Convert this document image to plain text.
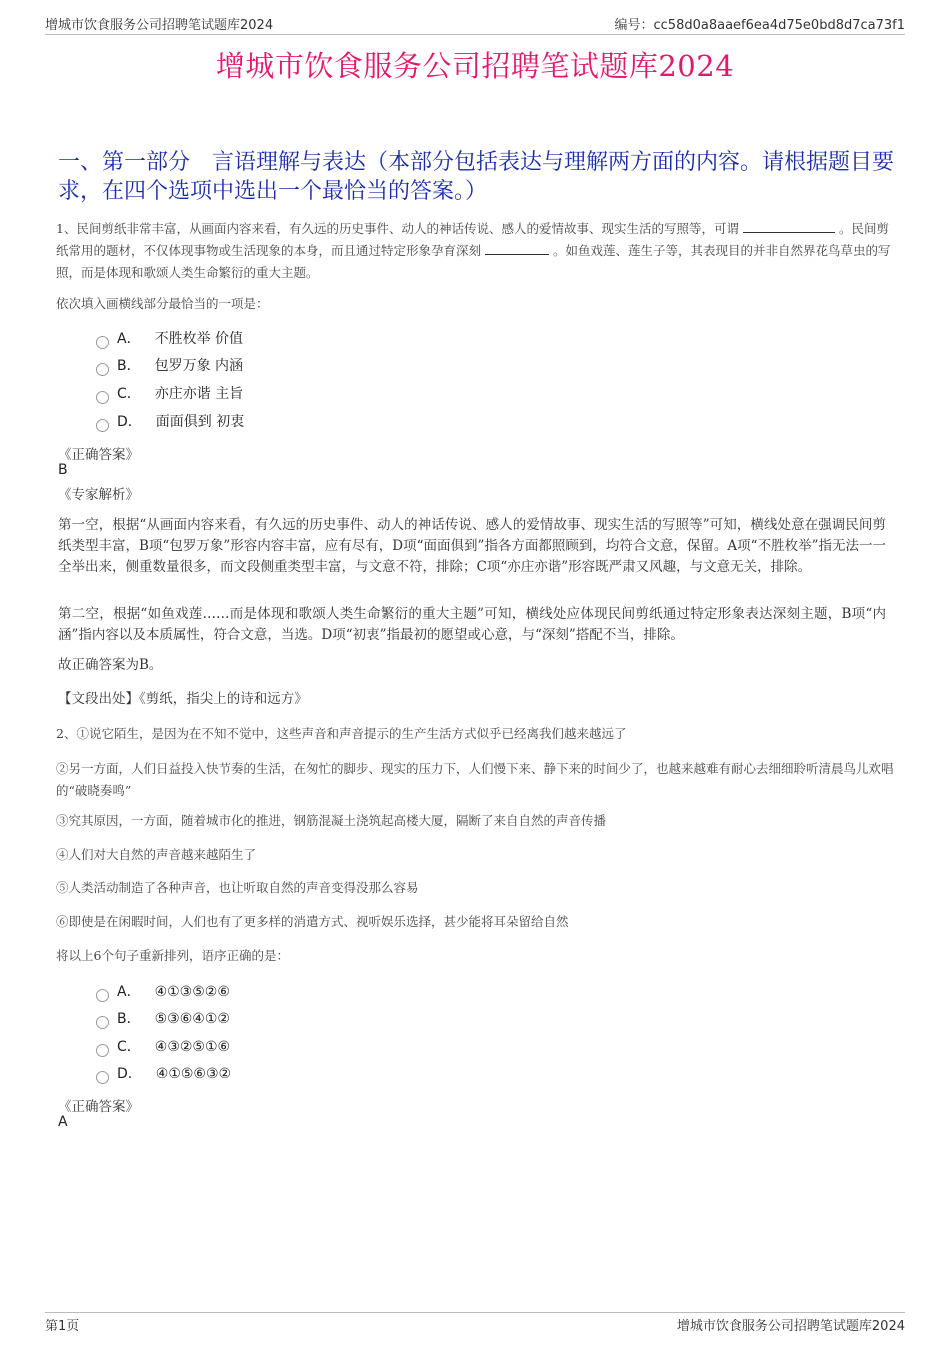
增城市饮食服务公司招聘笔试题库2024	编号：cc58d0a8aaef6ea4d75e0bd8d7ca73f1
增城市饮食服务公司招聘笔试题库2024
一、第一部分　言语理解与表达（本部分包括表达与理解两方面的内容。请根据题目要求，在四个选项中选出一个最恰当的答案。）
1、民间剪纸非常丰富，从画面内容来看，有久远的历史事件、动人的神话传说、感人的爱情故事、现实生活的写照等，可谓	。民间剪纸常用的题材，不仅体现事物或生活现象的本身，而且通过特定形象孕育深刻	。如鱼戏莲、莲生子等，其表现目的并非自然界花鸟草虫的写照，而是体现和歌颂人类生命繁衍的重大主题。
依次填入画横线部分最恰当的一项是：
A． 不胜枚举 价值
B． 包罗万象 内涵
C． 亦庄亦谐 主旨
D． 面面俱到 初衷
《正确答案》
B
《专家解析》
第一空，根据“从画面内容来看，有久远的历史事件、动人的神话传说、感人的爱情故事、现实生活的写照等”可知，横线处意在强调民间剪纸类型丰富，B项“包罗万象”形容内容丰富，应有尽有，D项“面面俱到”指各方面都照顾到，均符合文意，保留。A项“不胜枚举”指无法一一全举出来，侧重数量很多，而文段侧重类型丰富，与文意不符，排除；C项“亦庄亦谐”形容既严肃又风趣，与文意无关，排除。
第二空，根据“如鱼戏莲……而是体现和歌颂人类生命繁衍的重大主题”可知，横线处应体现民间剪纸通过特定形象表达深刻主题，B项“内涵”指内容以及本质属性，符合文意，当选。D项“初衷”指最初的愿望或心意，与“深刻”搭配不当，排除。
故正确答案为B。
【文段出处】《剪纸，指尖上的诗和远方》
2、①说它陌生，是因为在不知不觉中，这些声音和声音提示的生产生活方式似乎已经离我们越来越远了
②另一方面，人们日益投入快节奏的生活，在匆忙的脚步、现实的压力下，人们慢下来、静下来的时间少了，也越来越难有耐心去细细聆听清晨鸟儿欢唱的“破晓奏鸣”
③究其原因，一方面，随着城市化的推进，钢筋混凝土浇筑起高楼大厦，隔断了来自自然的声音传播
④人们对大自然的声音越来越陌生了
⑤人类活动制造了各种声音，也让听取自然的声音变得没那么容易
⑥即使是在闲暇时间，人们也有了更多样的消遣方式、视听娱乐选择，甚少能将耳朵留给自然
将以上6个句子重新排列，语序正确的是：
A． ④①③⑤②⑥
B． ⑤③⑥④①②
C． ④③②⑤①⑥
D． ④①⑤⑥③②
《正确答案》
A
第1页	增城市饮食服务公司招聘笔试题库2024
